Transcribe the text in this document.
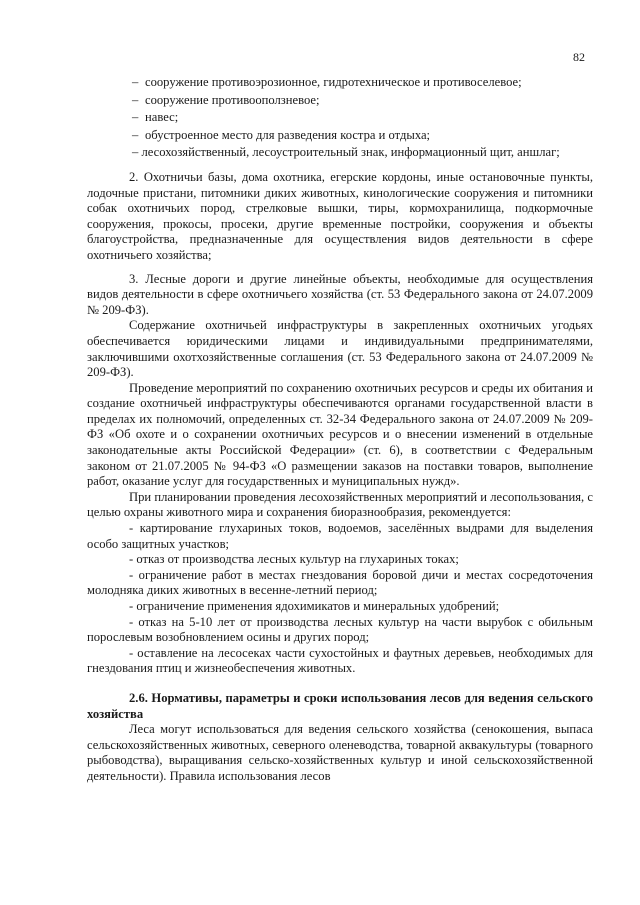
82

– сооружение противоэрозионное, гидротехническое и противоселевое;

– сооружение противооползневое;

– навес;

– обустроенное место для разведения костра и отдыха;

– лесохозяйственный, лесоустроительный знак, информационный щит, аншлаг;

2. Охотничьи базы, дома охотника, егерские кордоны, иные остановочные пункты, лодочные пристани, питомники диких животных, кинологические сооружения и питомники собак охотничьих пород, стрелковые вышки, тиры, кормохранилища, подкормочные сооружения, прокосы, просеки, другие временные постройки, сооружения и объекты благоустройства, предназначенные для осуществления видов деятельности в сфере охотничьего хозяйства;

3. Лесные дороги и другие линейные объекты, необходимые для осуществления видов деятельности в сфере охотничьего хозяйства (ст. 53 Федерального закона от 24.07.2009 № 209-ФЗ).

Содержание охотничьей инфраструктуры в закрепленных охотничьих угодьях обеспечивается юридическими лицами и индивидуальными предпринимателями, заключившими охотхозяйственные соглашения (ст. 53 Федерального закона от 24.07.2009 № 209-ФЗ).

Проведение мероприятий по сохранению охотничьих ресурсов и среды их обитания и создание охотничьей инфраструктуры обеспечиваются органами государственной власти в пределах их полномочий, определенных ст. 32-34 Федерального закона от 24.07.2009 № 209-ФЗ «Об охоте и о сохранении охотничьих ресурсов и о внесении изменений в отдельные законодательные акты Российской Федерации» (ст. 6), в соответствии с Федеральным законом от 21.07.2005 № 94-ФЗ «О размещении заказов на поставки товаров, выполнение работ, оказание услуг для государственных и муниципальных нужд».

При планировании проведения лесохозяйственных мероприятий и лесопользования, с целью охраны животного мира и сохранения биоразнообразия, рекомендуется:

- картирование глухариных токов, водоемов, заселённых выдрами для выделения особо защитных участков;

- отказ от производства лесных культур на глухариных токах;

- ограничение работ в местах гнездования боровой дичи и местах сосредоточения молодняка диких животных в весенне-летний период;

- ограничение применения ядохимикатов и минеральных удобрений;

- отказ на 5-10 лет от производства лесных культур на части вырубок с обильным порослевым возобновлением осины и других пород;

- оставление на лесосеках части сухостойных и фаутных деревьев, необходимых для гнездования птиц и жизнеобеспечения животных.

2.6. Нормативы, параметры и сроки использования лесов для ведения сельского хозяйства

Леса могут использоваться для ведения сельского хозяйства (сенокошения, выпаса сельскохозяйственных животных, северного оленеводства, товарной аквакультуры (товарного рыбоводства), выращивания сельско-хозяйственных культур и иной сельскохозяйственной деятельности). Правила использования лесов
